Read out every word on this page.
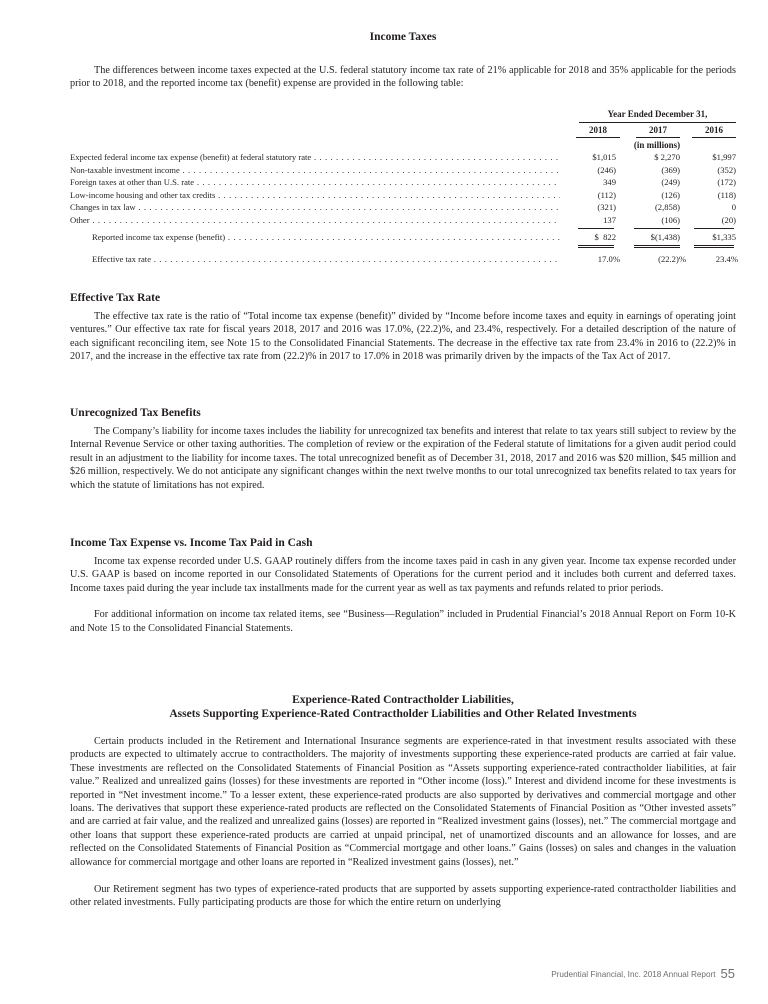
Income Taxes

The differences between income taxes expected at the U.S. federal statutory income tax rate of 21% applicable for 2018 and 35% applicable for the periods prior to 2018, and the reported income tax (benefit) expense are provided in the following table:

Year Ended December 31,
2018	2017	2016
(in millions)
Expected federal income tax expense (benefit) at federal statutory rate . . .	$1,015	$ 2,270	$1,997
Non-taxable investment income . . .	(246)	(369)	(352)
Foreign taxes at other than U.S. rate . . .	349	(249)	(172)
Low-income housing and other tax credits . . .	(112)	(126)	(118)
Changes in tax law . . .	(321)	(2,858)	0
Other . . .	137	(106)	(20)
Reported income tax expense (benefit) . . .	$  822	$(1,438)	$1,335
Effective tax rate . . .	17.0%	(22.2)%	23.4%
Effective Tax Rate

The effective tax rate is the ratio of “Total income tax expense (benefit)” divided by “Income before income taxes and equity in earnings of operating joint ventures.” Our effective tax rate for fiscal years 2018, 2017 and 2016 was 17.0%, (22.2)%, and 23.4%, respectively. For a detailed description of the nature of each significant reconciling item, see Note 15 to the Consolidated Financial Statements. The decrease in the effective tax rate from 23.4% in 2016 to (22.2)% in 2017, and the increase in the effective tax rate from (22.2)% in 2017 to 17.0% in 2018 was primarily driven by the impacts of the Tax Act of 2017.

Unrecognized Tax Benefits

The Company’s liability for income taxes includes the liability for unrecognized tax benefits and interest that relate to tax years still subject to review by the Internal Revenue Service or other taxing authorities. The completion of review or the expiration of the Federal statute of limitations for a given audit period could result in an adjustment to the liability for income taxes. The total unrecognized benefit as of December 31, 2018, 2017 and 2016 was $20 million, $45 million and $26 million, respectively. We do not anticipate any significant changes within the next twelve months to our total unrecognized tax benefits related to tax years for which the statute of limitations has not expired.

Income Tax Expense vs. Income Tax Paid in Cash

Income tax expense recorded under U.S. GAAP routinely differs from the income taxes paid in cash in any given year. Income tax expense recorded under U.S. GAAP is based on income reported in our Consolidated Statements of Operations for the current period and it includes both current and deferred taxes. Income taxes paid during the year include tax installments made for the current year as well as tax payments and refunds related to prior periods.

For additional information on income tax related items, see “Business—Regulation” included in Prudential Financial’s 2018 Annual Report on Form 10-K and Note 15 to the Consolidated Financial Statements.

Experience-Rated Contractholder Liabilities,
Assets Supporting Experience-Rated Contractholder Liabilities and Other Related Investments

Certain products included in the Retirement and International Insurance segments are experience-rated in that investment results associated with these products are expected to ultimately accrue to contractholders. The majority of investments supporting these experience-rated products are carried at fair value. These investments are reflected on the Consolidated Statements of Financial Position as “Assets supporting experience-rated contractholder liabilities, at fair value.” Realized and unrealized gains (losses) for these investments are reported in “Other income (loss).” Interest and dividend income for these investments is reported in “Net investment income.” To a lesser extent, these experience-rated products are also supported by derivatives and commercial mortgage and other loans. The derivatives that support these experience-rated products are reflected on the Consolidated Statements of Financial Position as “Other invested assets” and are carried at fair value, and the realized and unrealized gains (losses) are reported in “Realized investment gains (losses), net.” The commercial mortgage and other loans that support these experience-rated products are carried at unpaid principal, net of unamortized discounts and an allowance for losses, and are reflected on the Consolidated Statements of Financial Position as “Commercial mortgage and other loans.” Gains (losses) on sales and changes in the valuation allowance for commercial mortgage and other loans are reported in “Realized investment gains (losses), net.”

Our Retirement segment has two types of experience-rated products that are supported by assets supporting experience-rated contractholder liabilities and other related investments. Fully participating products are those for which the entire return on underlying

Prudential Financial, Inc. 2018 Annual Report 55
